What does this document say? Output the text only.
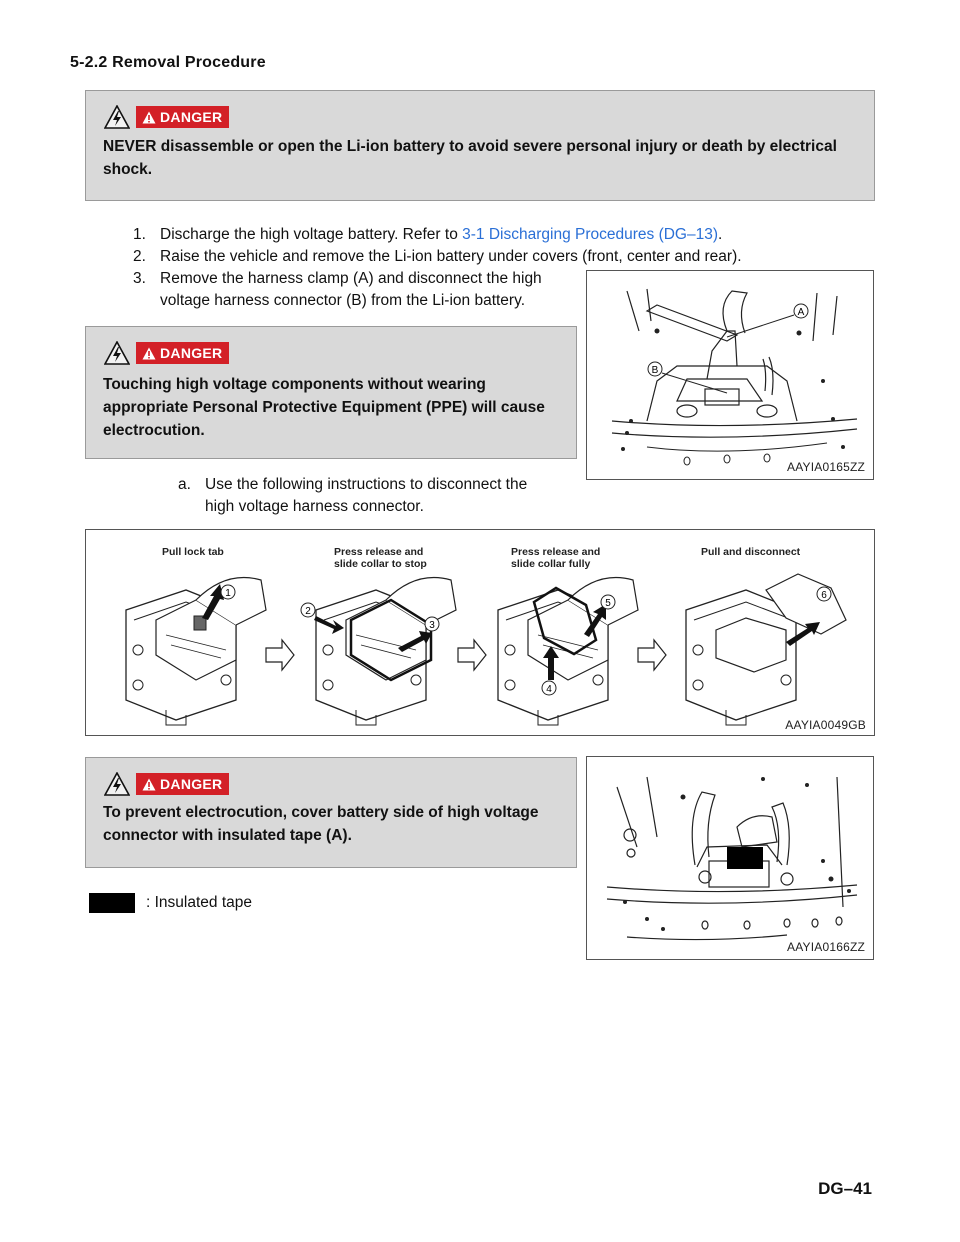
5-2.2 Removal Procedure
DANGER
NEVER disassemble or open the Li-ion battery to avoid severe personal injury or death by electrical shock.
1. Discharge the high voltage battery. Refer to 3-1 Discharging Procedures (DG–13).
2. Raise the vehicle and remove the Li-ion battery under covers (front, center and rear).
3. Remove the harness clamp (A) and disconnect the high
voltage harness connector (B) from the Li-ion battery.
A
B
AAYIA0165ZZ
DANGER
Touching high voltage components without wearing appropriate Personal Protective Equipment (PPE) will cause electrocution.
a. Use the following instructions to disconnect the
high voltage harness connector.
Pull lock tab	Press release and
slide collar to stop
Press release and
slide collar fully
Pull and disconnect
1
2
3
4
5
6
AAYIA0049GB
DANGER
To prevent electrocution, cover battery side of high voltage connector with insulated tape (A).
: Insulated tape
AAYIA0166ZZ
DG–41
